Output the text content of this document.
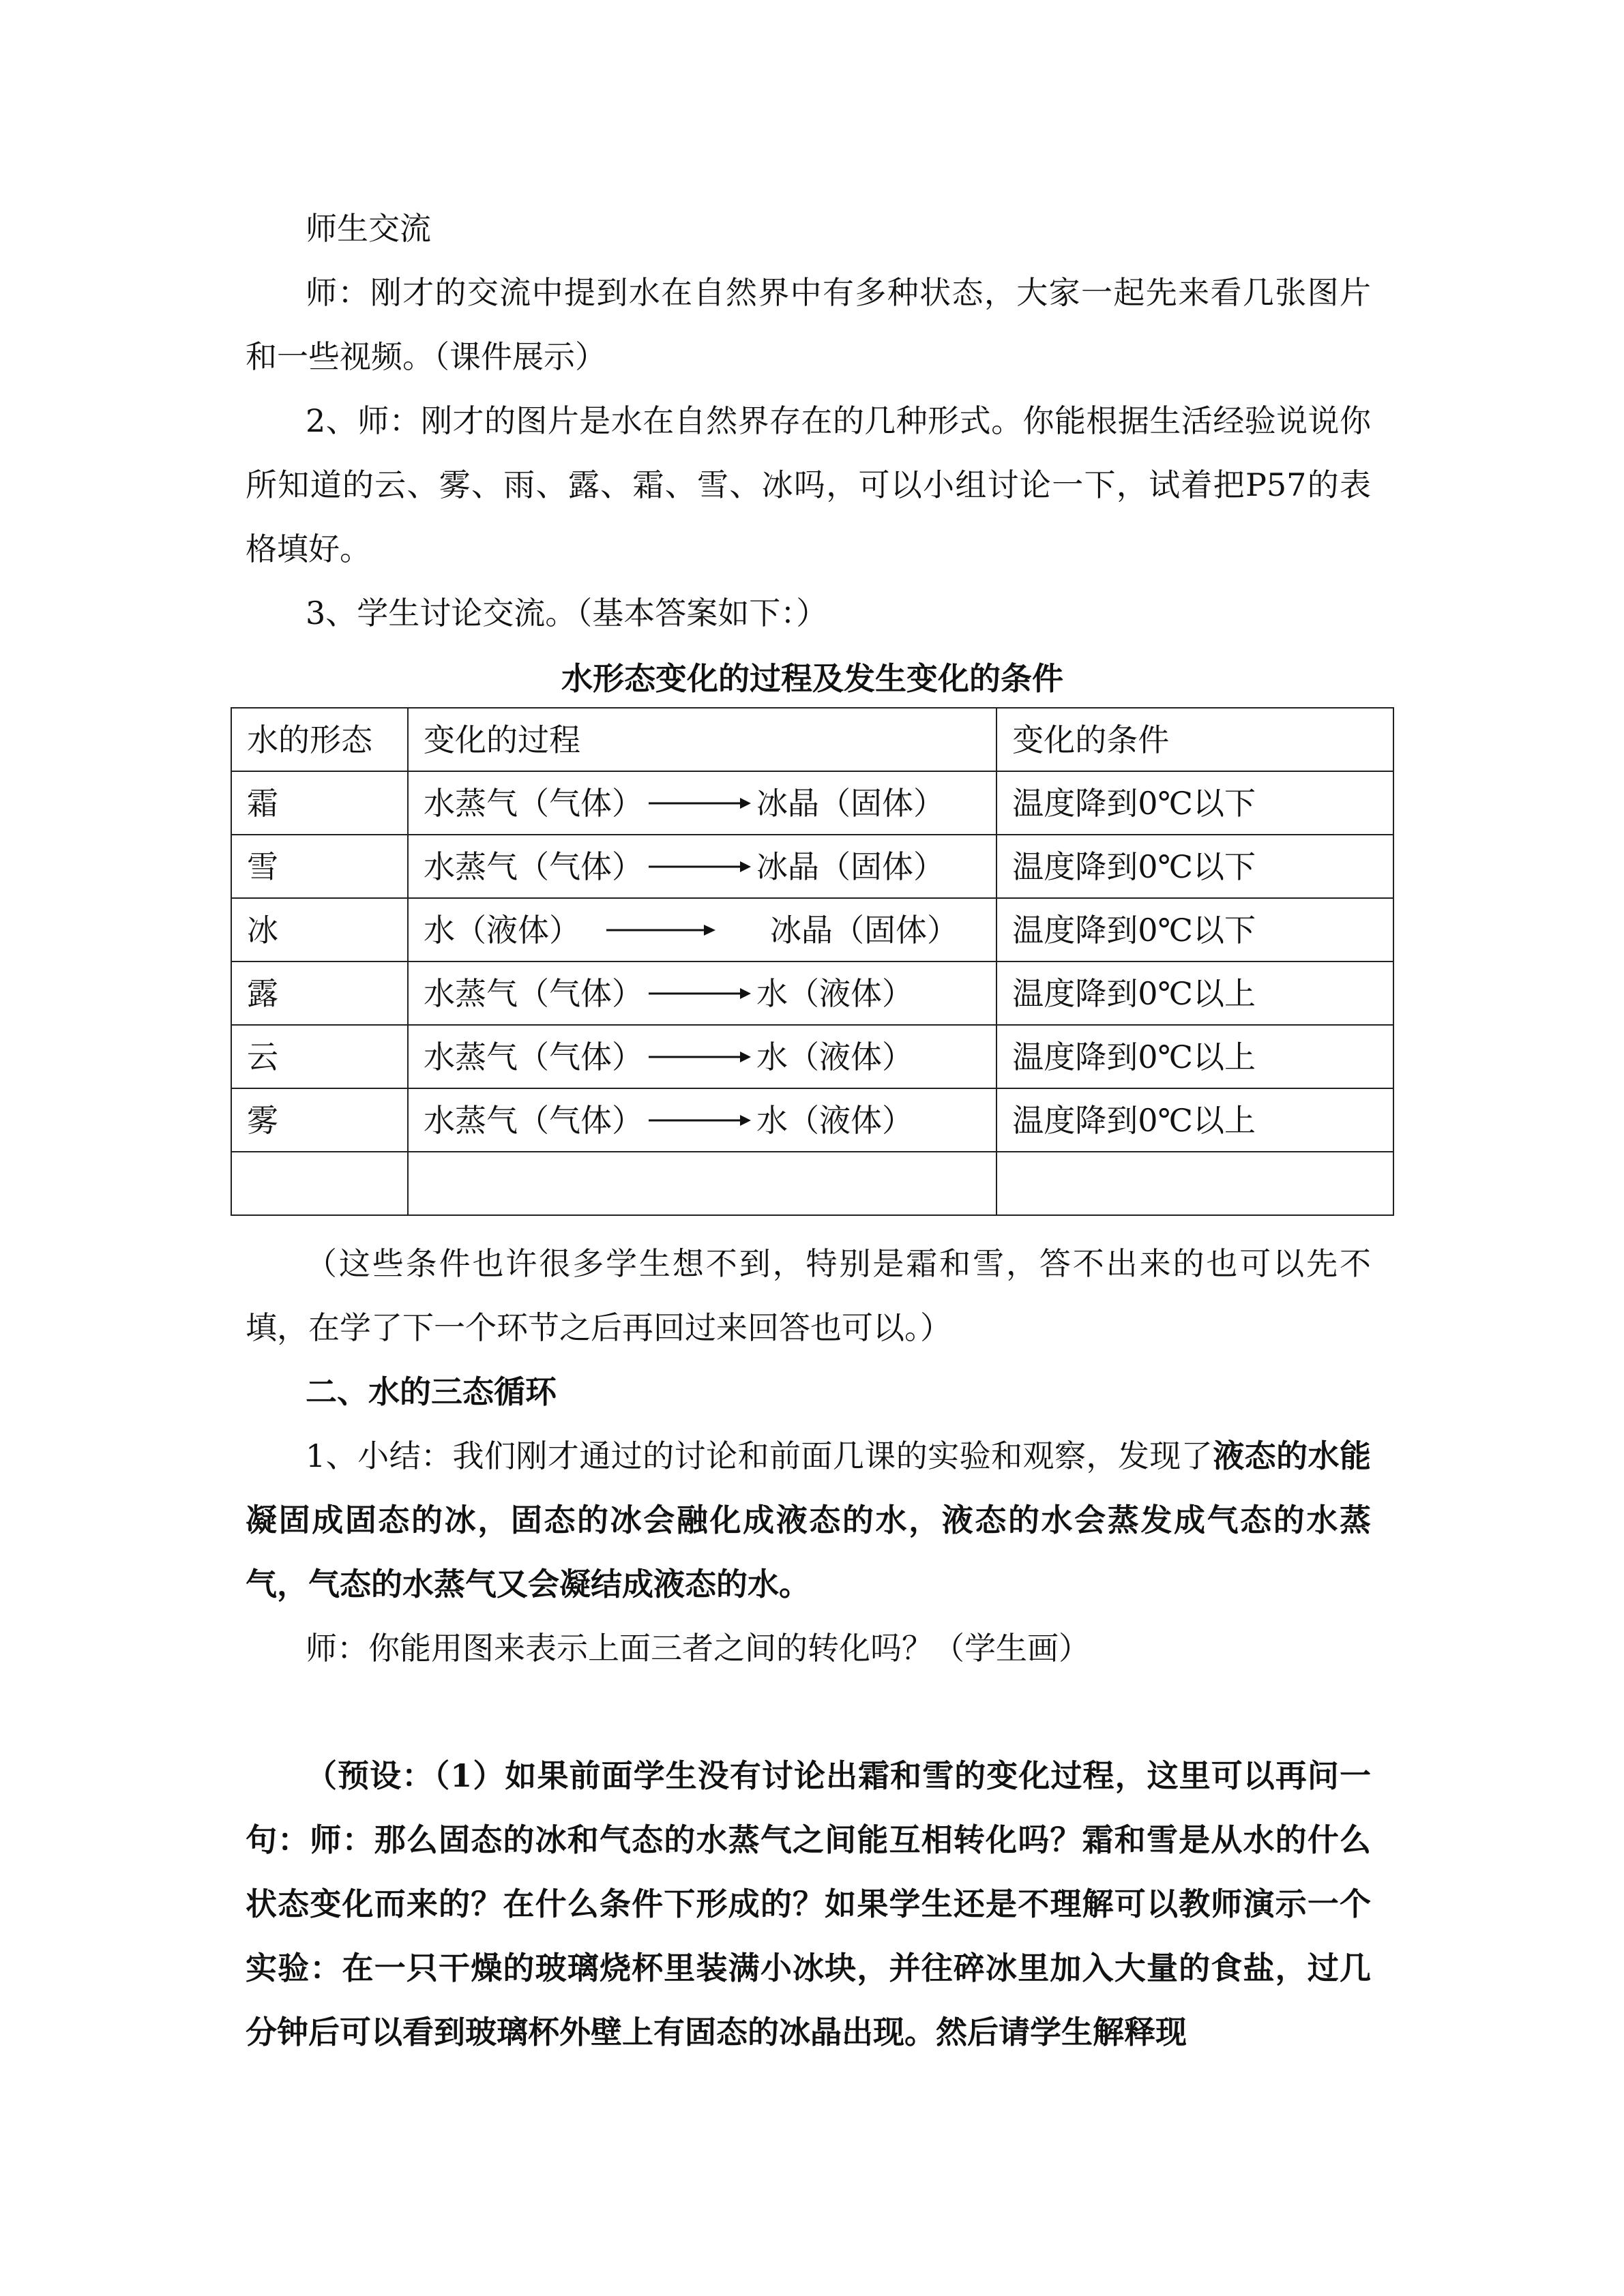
师生交流

师：刚才的交流中提到水在自然界中有多种状态，大家一起先来看几张图片和一些视频。（课件展示）

2、师：刚才的图片是水在自然界存在的几种形式。你能根据生活经验说说你所知道的云、雾、雨、露、霜、雪、冰吗，可以小组讨论一下，试着把P57的表格填好。

3、学生讨论交流。（基本答案如下：）

水形态变化的过程及发生变化的条件
水的形态	变化的过程	变化的条件
霜	水蒸气（气体） 冰晶（固体）	温度降到0℃以下
雪	水蒸气（气体） 冰晶（固体）	温度降到0℃以下
冰	水（液体） 冰晶（固体）	温度降到0℃以下
露	水蒸气（气体） 水（液体）	温度降到0℃以上
云	水蒸气（气体） 水（液体）	温度降到0℃以上
雾	水蒸气（气体） 水（液体）	温度降到0℃以上

（这些条件也许很多学生想不到，特别是霜和雪，答不出来的也可以先不填，在学了下一个环节之后再回过来回答也可以。）

二、水的三态循环

1、小结：我们刚才通过的讨论和前面几课的实验和观察，发现了液态的水能凝固成固态的冰，固态的冰会融化成液态的水，液态的水会蒸发成气态的水蒸气，气态的水蒸气又会凝结成液态的水。

师：你能用图来表示上面三者之间的转化吗？（学生画）

（预设：（1）如果前面学生没有讨论出霜和雪的变化过程，这里可以再问一句：师：那么固态的冰和气态的水蒸气之间能互相转化吗？霜和雪是从水的什么状态变化而来的？在什么条件下形成的？如果学生还是不理解可以教师演示一个实验：在一只干燥的玻璃烧杯里装满小冰块，并往碎冰里加入大量的食盐，过几分钟后可以看到玻璃杯外壁上有固态的冰晶出现。然后请学生解释现
